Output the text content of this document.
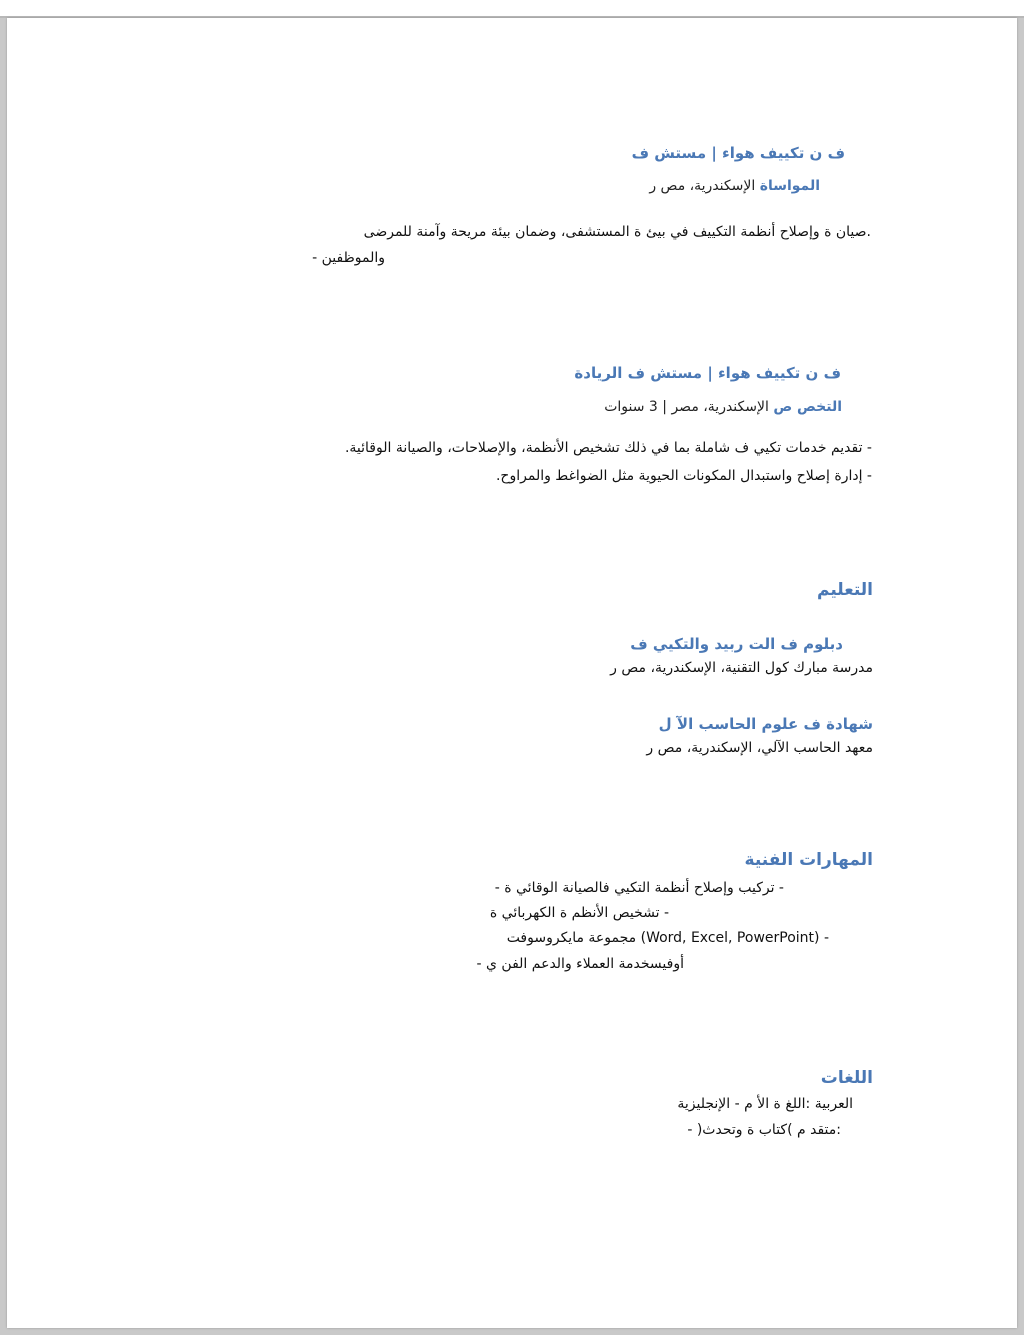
ف ن تكييف هواء | مستش ف
المواساة الإسكندرية، مص ر
.صيان ة وإصلاح أنظمة التكييف في بيئ ة المستشفى، وضمان بيئة مريحة وآمنة للمرضى
والموظفين -
ف ن تكييف هواء | مستش ف الريادة
التخص ص الإسكندرية، مصر | 3 سنوات
- تقديم خدمات تكيي ف شاملة بما في ذلك تشخيص الأنظمة، والإصلاحات، والصيانة الوقائية.
- إدارة إصلاح واستبدال المكونات الحيوية مثل الضواغط والمراوح.
التعليم
دبلوم ف الت ربيد والتكيي ف
مدرسة مبارك كول التقنية، الإسكندرية، مص ر
شهادة ف علوم الحاسب الآ ل
معهد الحاسب الآلي، الإسكندرية، مص ر
المهارات الفنية
- تركيب وإصلاح أنظمة التكيي فالصيانة الوقائي ة -
- تشخيص الأنظم ة الكهربائي ة
- (Word, Excel, PowerPoint) مجموعة مايكروسوفت
أوفيسخدمة العملاء والدعم الفن ي -
اللغات
العربية :اللغ ة الأ م - الإنجليزية
:متقد م )كتاب ة وتحدث( -
